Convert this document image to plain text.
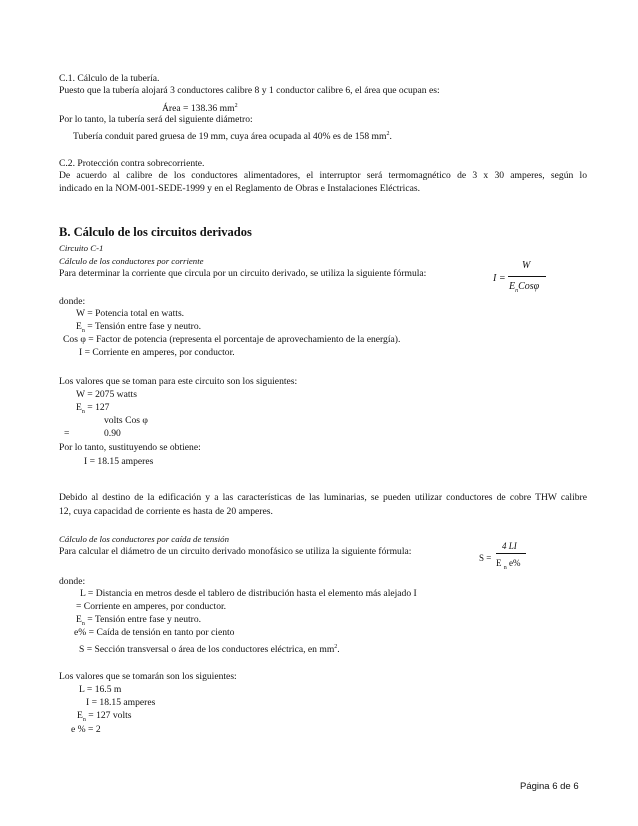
C.1. Cálculo de la tubería.
Puesto que la tubería alojará 3 conductores calibre 8 y 1 conductor calibre 6, el área que ocupan es:
Área = 138.36 $mm^2$
Por lo tanto, la tubería será del siguiente diámetro:
Tubería conduit pared gruesa de 19 mm, cuya área ocupada al 40% es de 158 $mm^2$.
C.2. Protección contra sobrecorriente.
De acuerdo al calibre de los conductores alimentadores, el interruptor será termomagnético de 3 x 30 amperes, según lo
indicado en la NOM-001-SEDE-1999 y en el Reglamento de Obras e Instalaciones Eléctricas.
B. Cálculo de los circuitos derivados
Circuito C-1
Cálculo de los conductores por corriente
Para determinar la corriente que circula por un circuito derivado, se utiliza la siguiente fórmula:	I =
W
$E_nCos\varphi$
donde:
W = Potencia total en watts.
$E_n$ = Tensión entre fase y neutro.
Cos φ = Factor de potencia (representa el porcentaje de aprovechamiento de la energía).
I = Corriente en amperes, por conductor.
Los valores que se toman para este circuito son los siguientes:
W = 2075 watts
$E_n = 127$
volts Cos φ
=	0.90
Por lo tanto, sustituyendo se obtiene:
I = 18.15 amperes
Debido al destino de la edificación y a las características de las luminarias, se pueden utilizar conductores de cobre THW calibre
12, cuya capacidad de corriente es hasta de 20 amperes.
Cálculo de los conductores por caída de tensión
Para calcular el diámetro de un circuito derivado monofásico se utiliza la siguiente fórmula:
S =
4 LI
E $_n$ e%
donde:
L = Distancia en metros desde el tablero de distribución hasta el elemento más alejado I
= Corriente en amperes, por conductor.
$E_n$ = Tensión entre fase y neutro.
e% = Caída de tensión en tanto por ciento
S = Sección transversal o área de los conductores eléctrica, en $mm^2$.
Los valores que se tomarán son los siguientes:
L = 16.5 m
I = 18.15 amperes
$E_n = 127$ volts
e % = 2
Página 6 de 6
